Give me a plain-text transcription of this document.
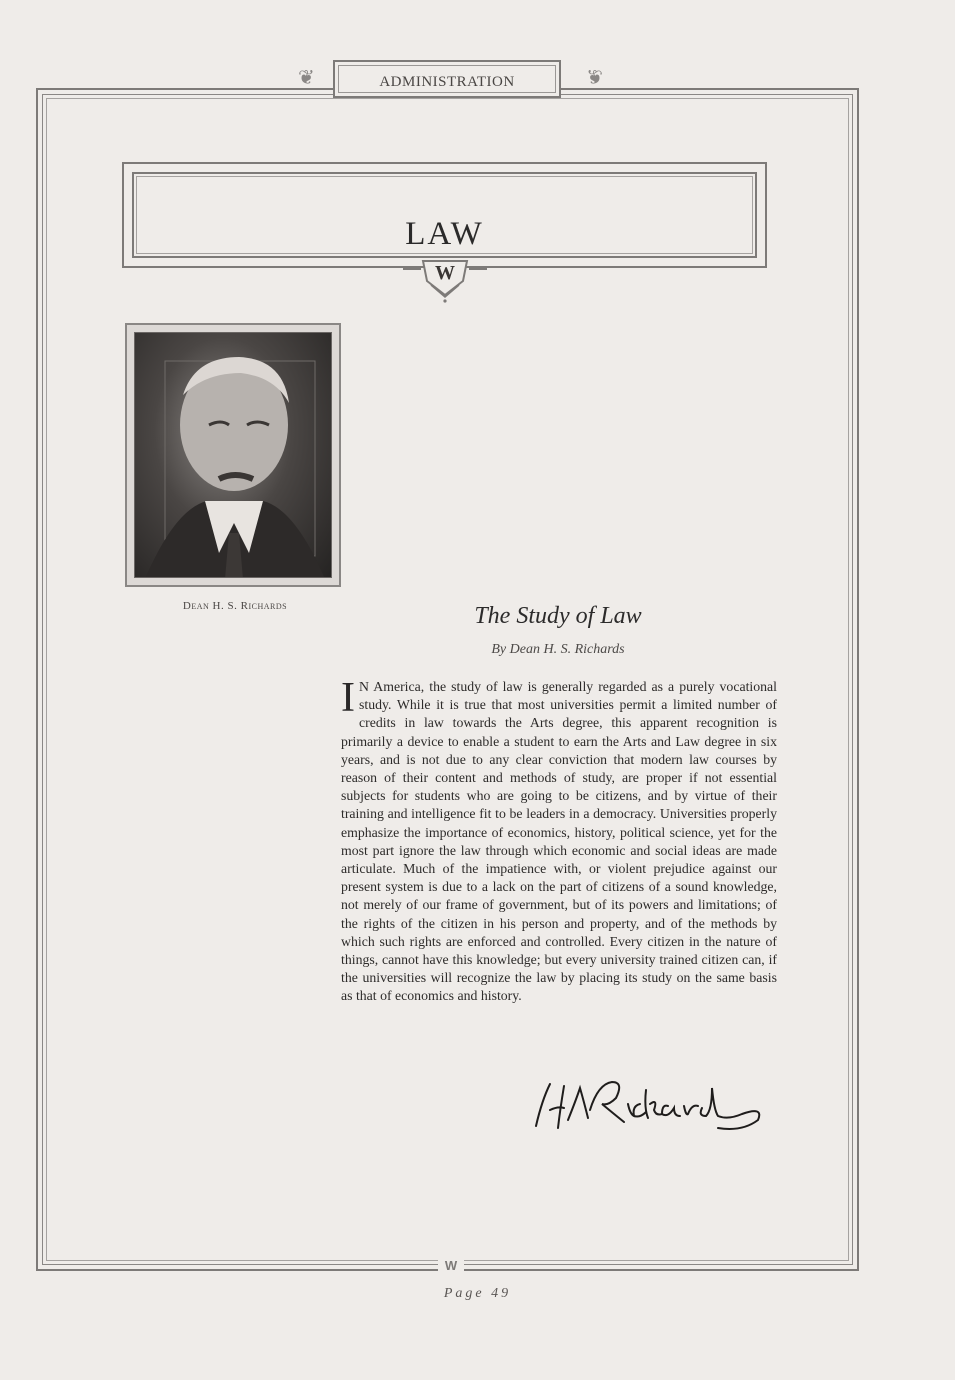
❦	❦
ADMINISTRATION
LAW
W
Dean H. S. Richards	The Study of Law
By Dean H. S. Richards

I N America, the study of law is generally regarded as a purely vocational study. While it is true that most universities permit a limited number of credits in law towards the Arts degree, this apparent recognition is primarily a device to enable a student to earn the Arts and Law degree in six years, and is not due to any clear conviction that modern law courses by reason of their content and methods of study, are proper if not essential subjects for students who are going to be citizens, and by virtue of their training and intelligence fit to be leaders in a democracy. Universities properly emphasize the importance of economics, history, political science, yet for the most part ignore the law through which economic and social ideas are made articulate. Much of the impatience with, or violent prejudice against our present system is due to a lack on the part of citizens of a sound knowledge, not merely of our frame of government, but of its powers and limitations; of the rights of the citizen in his person and property, and of the methods by which such rights are enforced and controlled. Every citizen in the nature of things, cannot have this knowledge; but every university trained citizen can, if the universities will recognize the law by placing its study on the same basis as that of economics and history.

W
Page 49
